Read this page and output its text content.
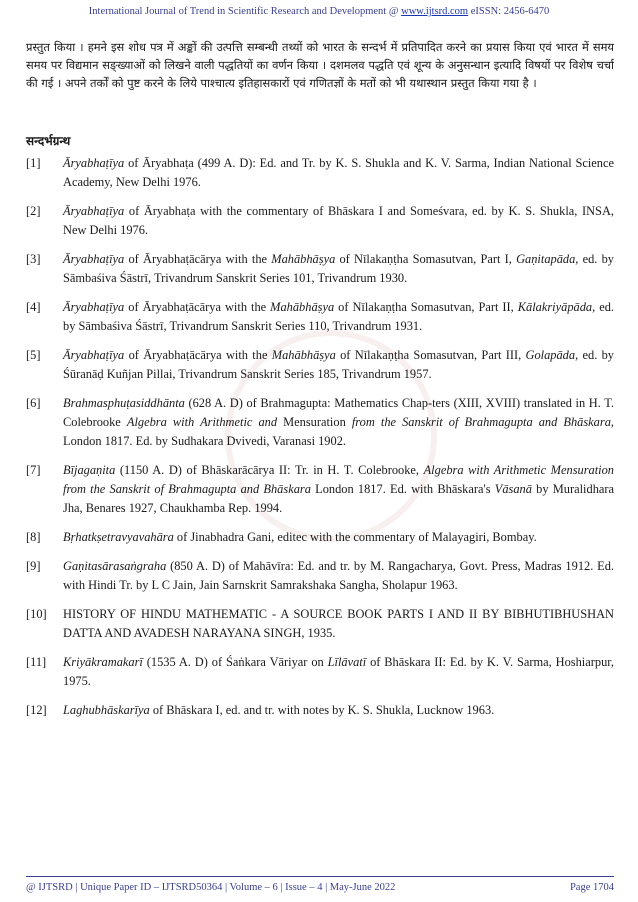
International Journal of Trend in Scientific Research and Development @ www.ijtsrd.com eISSN: 2456-6470
प्रस्तुत किया । हमने इस शोध पत्र में अङ्कों की उत्पत्ति सम्बन्धी तथ्यों को भारत के सन्दर्भ में प्रतिपादित करने का प्रयास किया एवं भारत में समय समय पर विद्यमान सङ्ख्याओं को लिखने वाली पद्धतियों का वर्णन किया । दशमलव पद्धति एवं शून्य के अनुसन्धान इत्यादि विषयों पर विशेष चर्चा की गई । अपने तर्कों को पुष्ट करने के लिये पाश्चात्य इतिहासकारों एवं गणितज्ञों के मतों को भी यथास्थान प्रस्तुत किया गया है ।
सन्दर्भग्रन्थ
[1]	Āryabhaṭīya of Āryabhaṭa (499 A. D): Ed. and Tr. by K. S. Shukla and K. V. Sarma, Indian National Science Academy, New Delhi 1976.
[2]	Āryabhaṭīya of Āryabhaṭa with the commentary of Bhāskara I and Someśvara, ed. by K. S. Shukla, INSA, New Delhi 1976.
[3]	Āryabhaṭīya of Āryabhaṭācārya with the Mahābhāṣya of Nīlakaṇṭha Somasutvan, Part I, Gaṇitapāda, ed. by Sāmbaśiva Śāstrī, Trivandrum Sanskrit Series 101, Trivandrum 1930.
[4]	Āryabhaṭīya of Āryabhaṭācārya with the Mahābhāṣya of Nīlakaṇṭha Somasutvan, Part II, Kālakriyāpāda, ed. by Sāmbaśiva Śāstrī, Trivandrum Sanskrit Series 110, Trivandrum 1931.
[5]	Āryabhaṭīya of Āryabhaṭācārya with the Mahābhāṣya of Nīlakaṇṭha Somasutvan, Part III, Golapāda, ed. by Śūranāḍ Kuñjan Pillai, Trivandrum Sanskrit Series 185, Trivandrum 1957.
[6]	Brahmasphuṭasiddhānta (628 A. D) of Brahmagupta: Mathematics Chap-ters (XIII, XVIII) translated in H. T. Colebrooke Algebra with Arithmetic and Mensuration from the Sanskrit of Brahmagupta and Bhāskara, London 1817. Ed. by Sudhakara Dvivedi, Varanasi 1902.
[7]	Bījagaṇita (1150 A. D) of Bhāskarācārya II: Tr. in H. T. Colebrooke, Algebra with Arithmetic Mensuration from the Sanskrit of Brahmagupta and Bhāskara London 1817. Ed. with Bhāskara's Vāsanā by Muralidhara Jha, Benares 1927, Chaukhamba Rep. 1994.
[8]	Bṛhatkṣetravyavahāra of Jinabhadra Gani, editec with the commentary of Malayagiri, Bombay.
[9]	Gaṇitasārasaṅgraha (850 A. D) of Mahāvīra: Ed. and tr. by M. Rangacharya, Govt. Press, Madras 1912. Ed. with Hindi Tr. by L C Jain, Jain Sarnskrit Samrakshaka Sangha, Sholapur 1963.
[10]	HISTORY OF HINDU MATHEMATIC - A SOURCE BOOK PARTS I AND II BY BIBHUTIBHUSHAN DATTA AND AVADESH NARAYANA SINGH, 1935.
[11]	Kriyākramakarī (1535 A. D) of Śaṅkara Vāriyar on Līlāvatī of Bhāskara II: Ed. by K. V. Sarma, Hoshiarpur, 1975.
[12]	Laghubhāskarīya of Bhāskara I, ed. and tr. with notes by K. S. Shukla, Lucknow 1963.
@ IJTSRD | Unique Paper ID – IJTSRD50364 | Volume – 6 | Issue – 4 | May-June 2022	Page 1704
